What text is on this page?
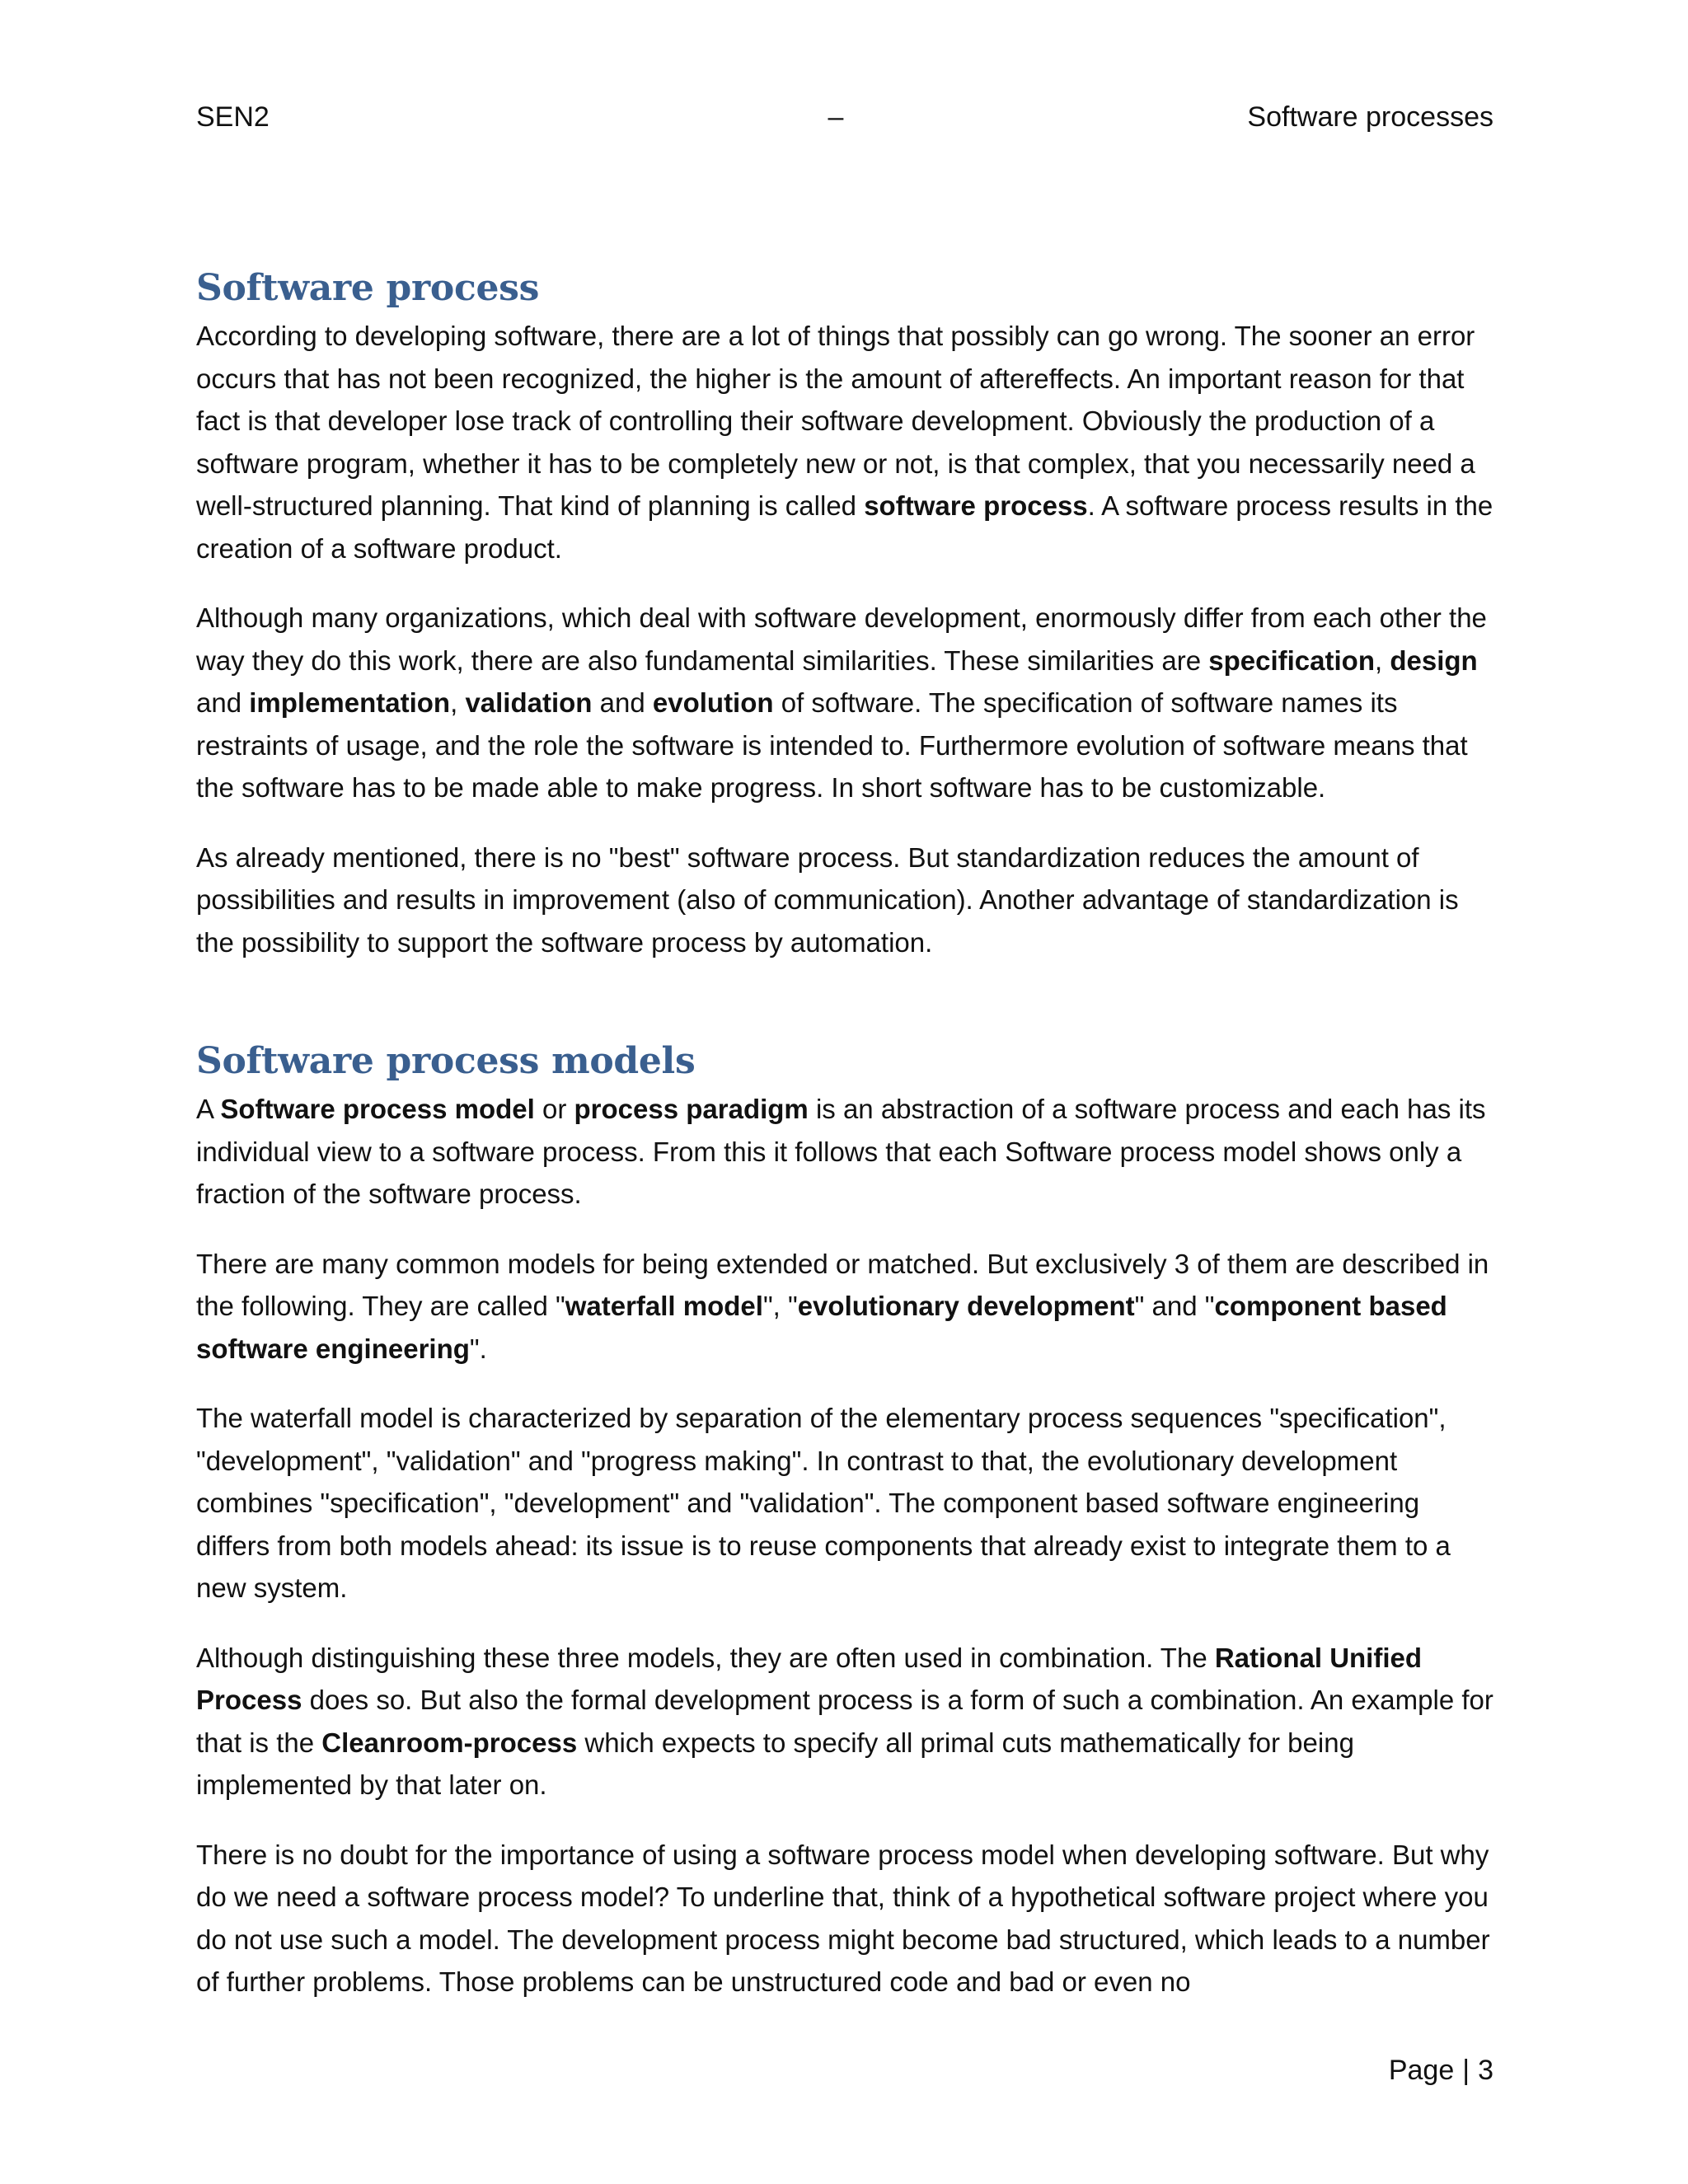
SEN2	–	Software processes
Software process

According to developing software, there are a lot of things that possibly can go wrong. The sooner an error occurs that has not been recognized, the higher is the amount of aftereffects. An important reason for that fact is that developer lose track of controlling their software development. Obviously the production of a software program, whether it has to be completely new or not, is that complex, that you necessarily need a well-structured planning. That kind of planning is called software process. A software process results in the creation of a software product.

Although many organizations, which deal with software development, enormously differ from each other the way they do this work, there are also fundamental similarities. These similarities are specification, design and implementation, validation and evolution of software. The specification of software names its restraints of usage, and the role the software is intended to. Furthermore evolution of software means that the software has to be made able to make progress. In short software has to be customizable.

As already mentioned, there is no "best" software process. But standardization reduces the amount of possibilities and results in improvement (also of communication). Another advantage of standardization is the possibility to support the software process by automation.

Software process models

A Software process model or process paradigm is an abstraction of a software process and each has its individual view to a software process. From this it follows that each Software process model shows only a fraction of the software process.

There are many common models for being extended or matched. But exclusively 3 of them are described in the following. They are called "waterfall model", "evolutionary development" and "component based software engineering".

The waterfall model is characterized by separation of the elementary process sequences "specification", "development", "validation" and "progress making". In contrast to that, the evolutionary development combines "specification", "development" and "validation". The component based software engineering differs from both models ahead: its issue is to reuse components that already exist to integrate them to a new system.

Although distinguishing these three models, they are often used in combination. The Rational Unified Process does so. But also the formal development process is a form of such a combination. An example for that is the Cleanroom-process which expects to specify all primal cuts mathematically for being implemented by that later on.

There is no doubt for the importance of using a software process model when developing software. But why do we need a software process model? To underline that, think of a hypothetical software project where you do not use such a model. The development process might become bad structured, which leads to a number of further problems. Those problems can be unstructured code and bad or even no

Page | 3
